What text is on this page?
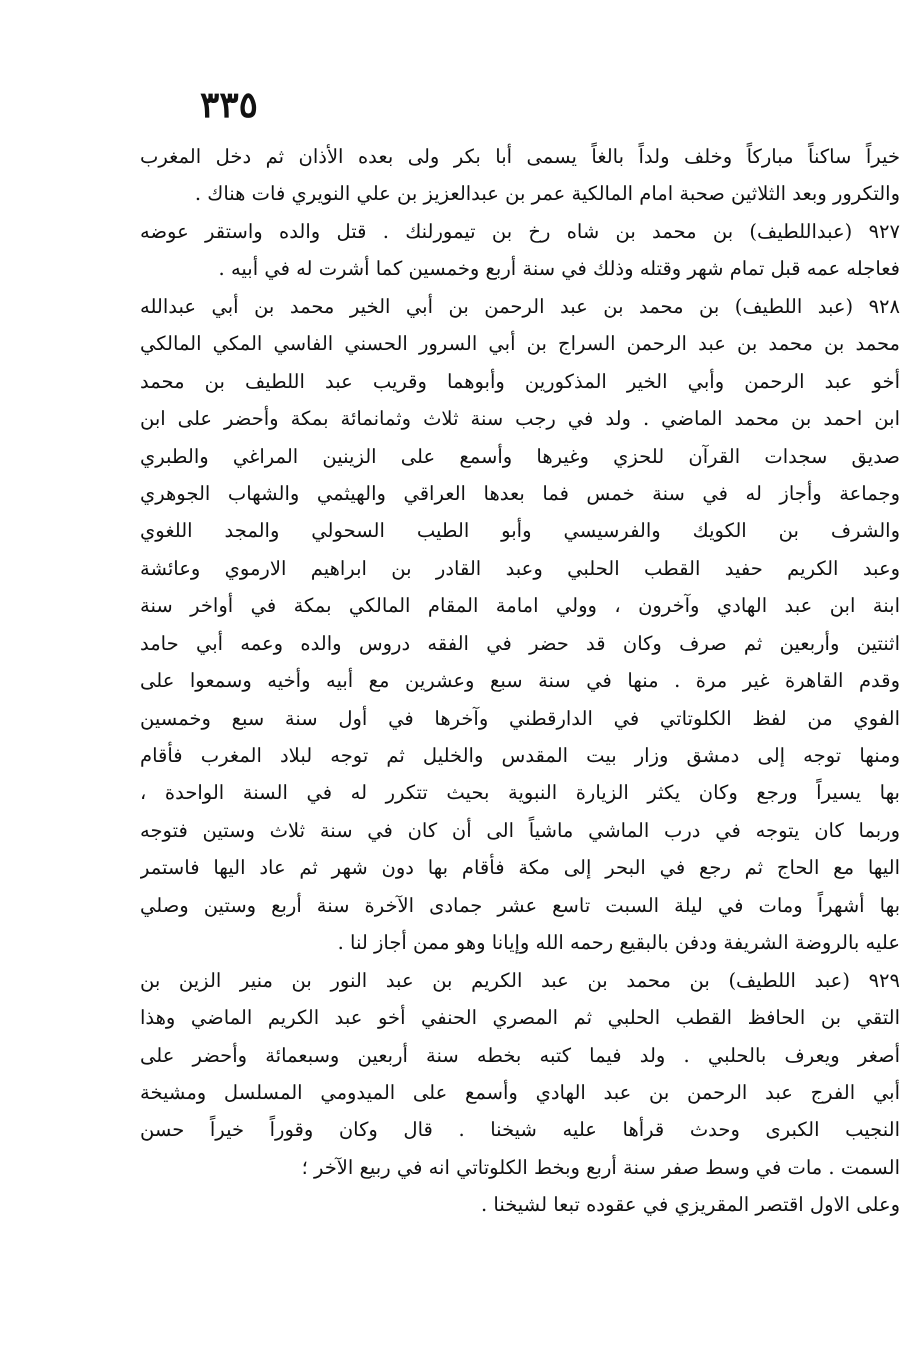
٣٣٥
خيراً ساكناً مباركاً وخلف ولداً بالغاً يسمى أبا بكر ولى بعده الأذان ثم دخل المغرب
والتكرور وبعد الثلاثين صحبة امام المالكية عمر بن عبدالعزيز بن علي النويري فات هناك .
٩٢٧ (عبداللطيف) بن محمد بن شاه رخ بن تيمورلنك . قتل والده واستقر عوضه
فعاجله عمه قبل تمام شهر وقتله وذلك في سنة أربع وخمسين كما أشرت له في أبيه .
٩٢٨ (عبد اللطيف) بن محمد بن عبد الرحمن بن أبي الخير محمد بن أبي عبدالله
محمد بن محمد بن عبد الرحمن السراج بن أبي السرور الحسني الفاسي المكي المالكي
أخو عبد الرحمن وأبي الخير المذكورين وأبوهما وقريب عبد اللطيف بن محمد
ابن احمد بن محمد الماضي . ولد في رجب سنة ثلاث وثمانمائة بمكة وأحضر على ابن
صديق سجدات القرآن للحزي وغيرها وأسمع على الزينين المراغي والطبري
وجماعة وأجاز له في سنة خمس فما بعدها العراقي والهيثمي والشهاب الجوهري
والشرف بن الكويك والفرسيسي وأبو الطيب السحولي والمجد اللغوي
وعبد الكريم حفيد القطب الحلبي وعبد القادر بن ابراهيم الارموي وعائشة
ابنة ابن عبد الهادي وآخرون ، وولي امامة المقام المالكي بمكة في أواخر سنة
اثنتين وأربعين ثم صرف وكان قد حضر في الفقه دروس والده وعمه أبي حامد
وقدم القاهرة غير مرة . منها في سنة سبع وعشرين مع أبيه وأخيه وسمعوا على
الفوي من لفظ الكلوتاتي في الدارقطني وآخرها في أول سنة سبع وخمسين
ومنها توجه إلى دمشق وزار بيت المقدس والخليل ثم توجه لبلاد المغرب فأقام
بها يسيراً ورجع وكان يكثر الزيارة النبوية بحيث تتكرر له في السنة الواحدة ،
وربما كان يتوجه في درب الماشي ماشياً الى أن كان في سنة ثلاث وستين فتوجه
اليها مع الحاج ثم رجع في البحر إلى مكة فأقام بها دون شهر ثم عاد اليها فاستمر
بها أشهراً ومات في ليلة السبت تاسع عشر جمادى الآخرة سنة أربع وستين وصلي
عليه بالروضة الشريفة ودفن بالبقيع رحمه الله وإيانا وهو ممن أجاز لنا .
٩٢٩ (عبد اللطيف) بن محمد بن عبد الكريم بن عبد النور بن منير الزين بن
التقي بن الحافظ القطب الحلبي ثم المصري الحنفي أخو عبد الكريم الماضي وهذا
أصغر ويعرف بالحلبي . ولد فيما كتبه بخطه سنة أربعين وسبعمائة وأحضر على
أبي الفرج عبد الرحمن بن عبد الهادي وأسمع على الميدومي المسلسل ومشيخة
النجيب الكبرى وحدث قرأها عليه شيخنا . قال وكان وقوراً خيراً حسن
السمت . مات في وسط صفر سنة أربع وبخط الكلوتاتي انه في ربيع الآخر ؛
وعلى الاول اقتصر المقريزي في عقوده تبعا لشيخنا .
